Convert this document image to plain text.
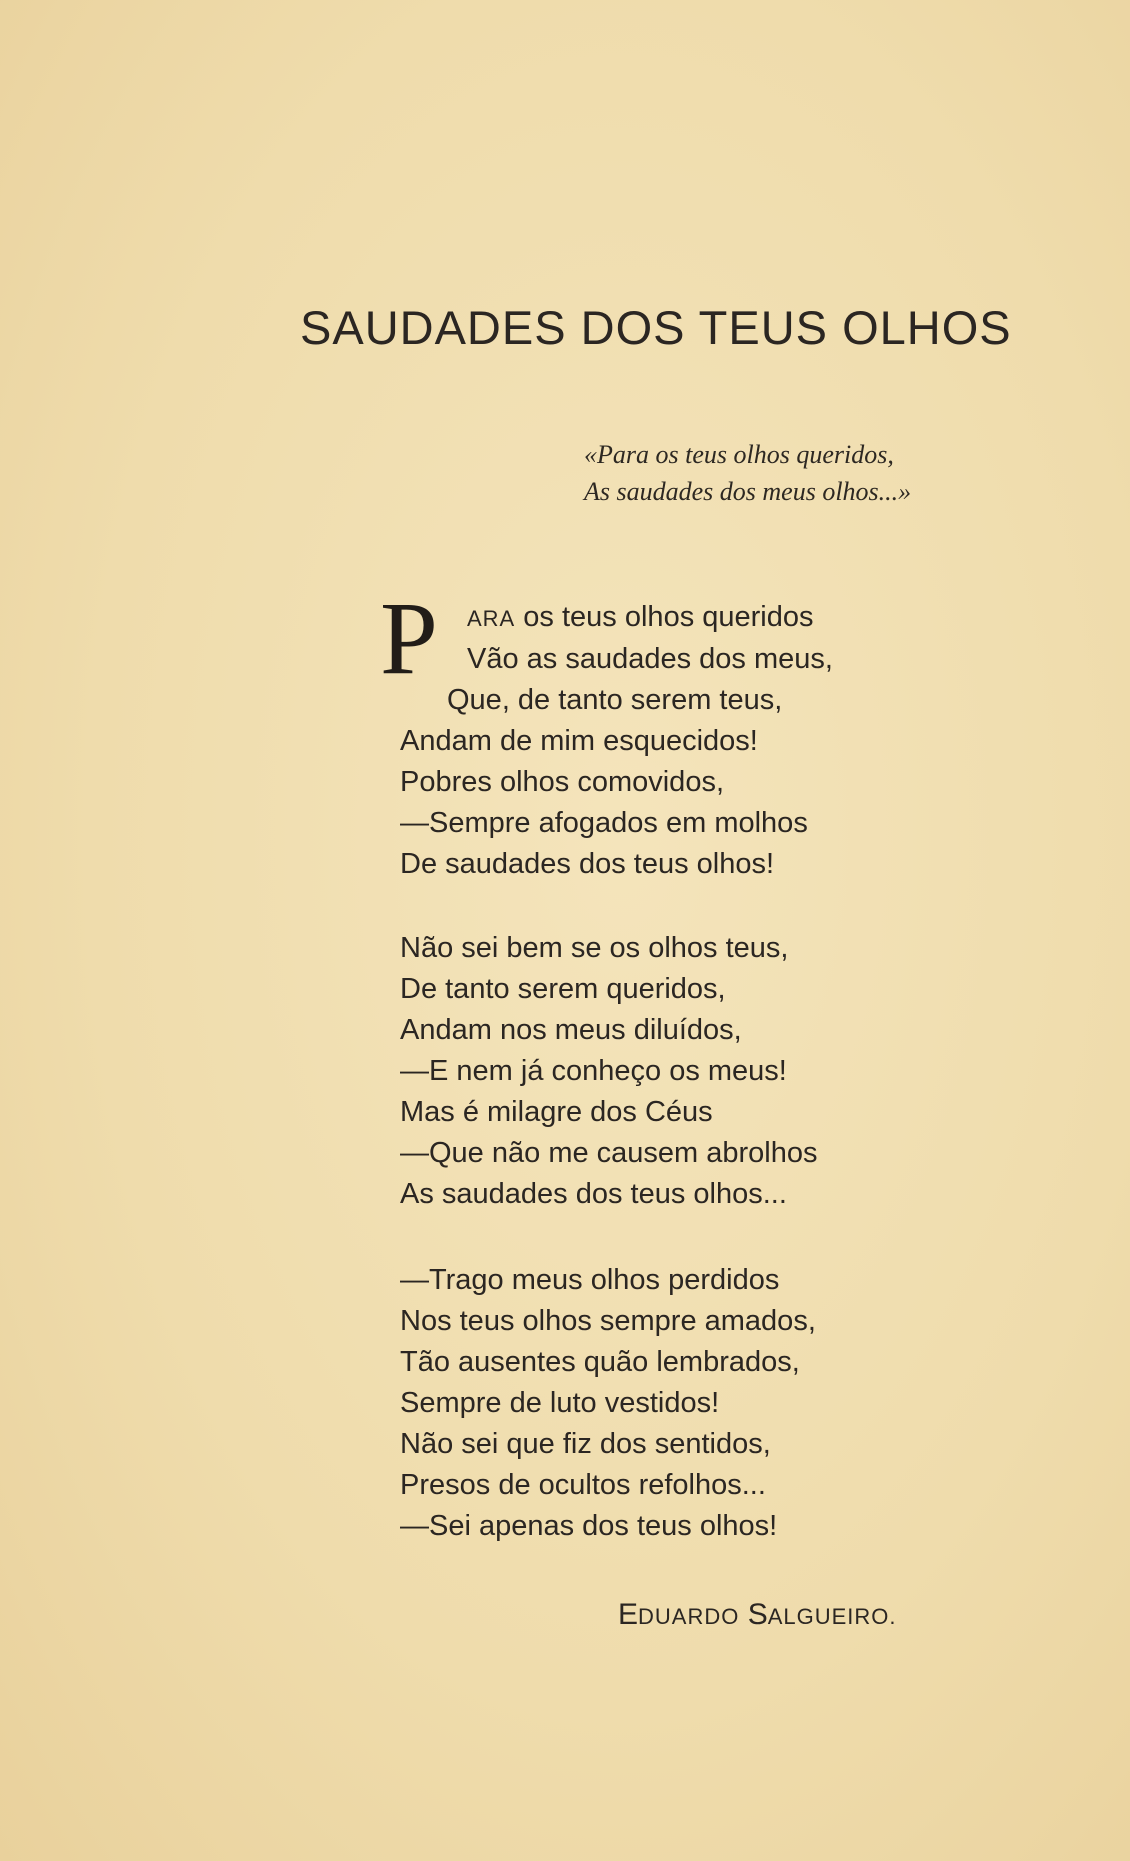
SAUDADES DOS TEUS OLHOS
«Para os teus olhos queridos,
As saudades dos meus olhos...»
P	ARA os teus olhos queridos
Vão as saudades dos meus,
Que, de tanto serem teus,
Andam de mim esquecidos!
Pobres olhos comovidos,
—Sempre afogados em molhos
De saudades dos teus olhos!
Não sei bem se os olhos teus,
De tanto serem queridos,
Andam nos meus diluídos,
—E nem já conheço os meus!
Mas é milagre dos Céus
—Que não me causem abrolhos
As saudades dos teus olhos...
—Trago meus olhos perdidos
Nos teus olhos sempre amados,
Tão ausentes quão lembrados,
Sempre de luto vestidos!
Não sei que fiz dos sentidos,
Presos de ocultos refolhos...
—Sei apenas dos teus olhos!
EDUARDO SALGUEIRO.
